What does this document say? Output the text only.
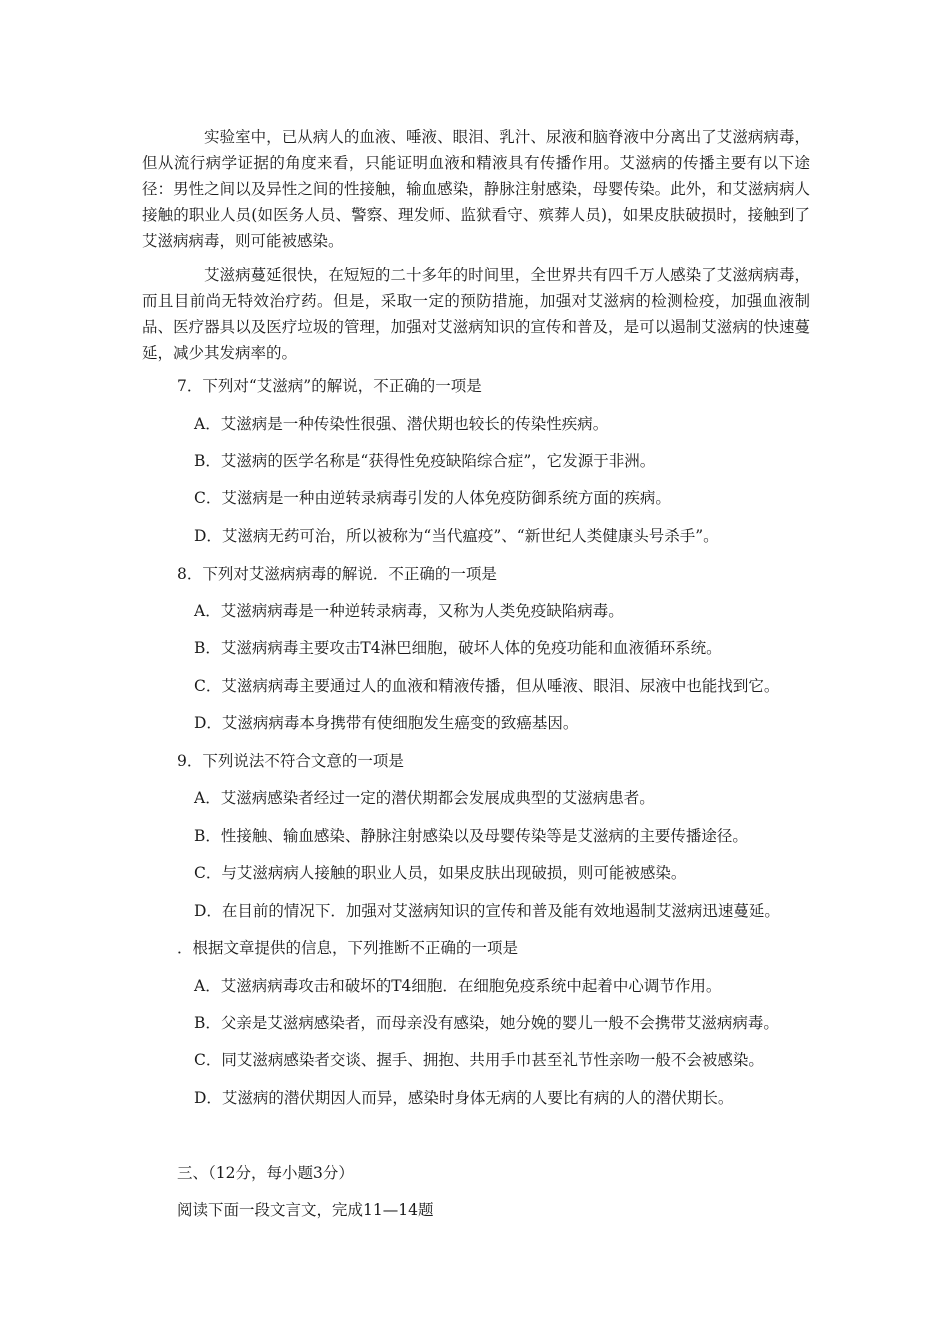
实验室中，已从病人的血液、唾液、眼泪、乳汁、尿液和脑脊液中分离出了艾滋病病毒，但从流行病学证据的角度来看，只能证明血液和精液具有传播作用。艾滋病的传播主要有以下途径：男性之间以及异性之间的性接触，输血感染，静脉注射感染，母婴传染。此外，和艾滋病病人接触的职业人员(如医务人员、警察、理发师、监狱看守、殡葬人员)，如果皮肤破损时，接触到了艾滋病病毒，则可能被感染。

艾滋病蔓延很快，在短短的二十多年的时间里，全世界共有四千万人感染了艾滋病病毒，而且目前尚无特效治疗药。但是，采取一定的预防措施，加强对艾滋病的检测检疫，加强血液制品、医疗器具以及医疗垃圾的管理，加强对艾滋病知识的宣传和普及，是可以遏制艾滋病的快速蔓延，减少其发病率的。

7．下列对“艾滋病”的解说，不正确的一项是

A．艾滋病是一种传染性很强、潜伏期也较长的传染性疾病。

B．艾滋病的医学名称是“获得性免疫缺陷综合症”，它发源于非洲。

C．艾滋病是一种由逆转录病毒引发的人体免疫防御系统方面的疾病。

D．艾滋病无药可治，所以被称为“当代瘟疫”、“新世纪人类健康头号杀手”。

8．下列对艾滋病病毒的解说．不正确的一项是

A．艾滋病病毒是一种逆转录病毒，又称为人类免疫缺陷病毒。

B．艾滋病病毒主要攻击T4淋巴细胞，破坏人体的免疫功能和血液循环系统。

C．艾滋病病毒主要通过人的血液和精液传播，但从唾液、眼泪、尿液中也能找到它。

D．艾滋病病毒本身携带有使细胞发生癌变的致癌基因。

9．下列说法不符合文意的一项是

A．艾滋病感染者经过一定的潜伏期都会发展成典型的艾滋病患者。

B．性接触、输血感染、静脉注射感染以及母婴传染等是艾滋病的主要传播途径。

C．与艾滋病病人接触的职业人员，如果皮肤出现破损，则可能被感染。

D．在目前的情况下．加强对艾滋病知识的宣传和普及能有效地遏制艾滋病迅速蔓延。

．根据文章提供的信息，下列推断不正确的一项是

A．艾滋病病毒攻击和破坏的T4细胞．在细胞免疫系统中起着中心调节作用。

B．父亲是艾滋病感染者，而母亲没有感染，她分娩的婴儿一般不会携带艾滋病病毒。

C．同艾滋病感染者交谈、握手、拥抱、共用手巾甚至礼节性亲吻一般不会被感染。

D．艾滋病的潜伏期因人而异，感染时身体无病的人要比有病的人的潜伏期长。

三、（12分，每小题3分）

阅读下面一段文言文，完成11—14题
